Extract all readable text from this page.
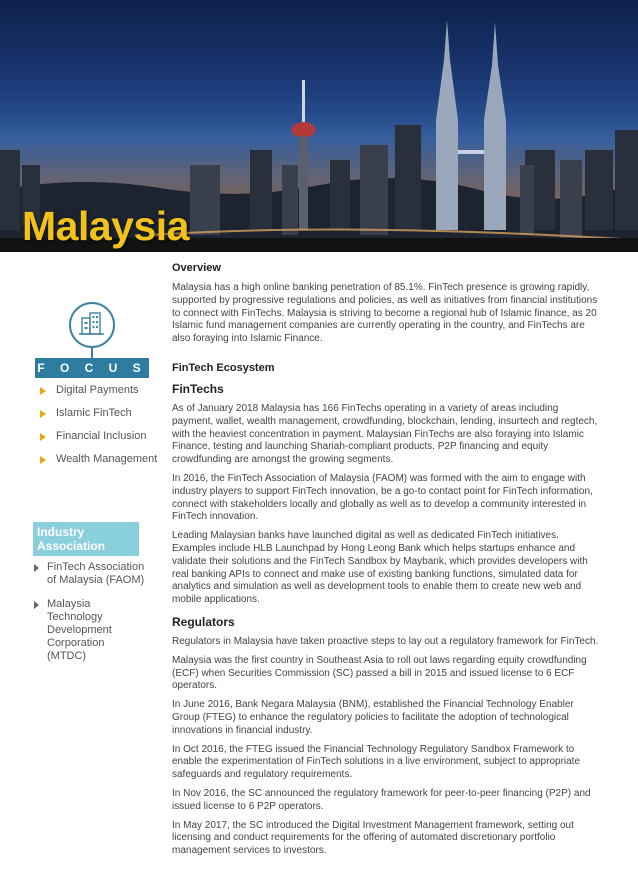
Malaysia
F O C U S
Digital Payments
Islamic FinTech
Financial Inclusion
Wealth Management
Industry Association
FinTech Association of Malaysia (FAOM)
Malaysia Technology Development Corporation (MTDC)
Overview

Malaysia has a high online banking penetration of 85.1%. FinTech presence is growing rapidly, supported by progressive regulations and policies, as well as initiatives from financial institutions to connect with FinTechs. Malaysia is striving to become a regional hub of Islamic finance, as 20 Islamic fund management companies are currently operating in the country, and FinTechs are also foraying into Islamic Finance.

FinTech Ecosystem
FinTechs

As of January 2018 Malaysia has 166 FinTechs operating in a variety of areas including payment, wallet, wealth management, crowdfunding, blockchain, lending, insurtech and regtech, with the heaviest concentration in payment. Malaysian FinTechs are also foraying into Islamic Finance, testing and launching Shariah-compliant products. P2P financing and equity crowdfunding are amongst the growing segments.

In 2016, the FinTech Association of Malaysia (FAOM) was formed with the aim to engage with industry players to support FinTech innovation, be a go-to contact point for FinTech information, connect with stakeholders locally and globally as well as to develop a community interested in FinTech innovation.

Leading Malaysian banks have launched digital as well as dedicated FinTech initiatives. Examples include HLB Launchpad by Hong Leong Bank which helps startups enhance and validate their solutions and the FinTech Sandbox by Maybank, which provides developers with real banking APIs to connect and make use of existing banking functions, simulated data for analytics and simulation as well as development tools to enable them to create new web and mobile applications.

Regulators

Regulators in Malaysia have taken proactive steps to lay out a regulatory framework for FinTech.

Malaysia was the first country in Southeast Asia to roll out laws regarding equity crowdfunding (ECF) when Securities Commission (SC) passed a bill in 2015 and issued license to 6 ECF operators.

In June 2016, Bank Negara Malaysia (BNM), established the Financial Technology Enabler Group (FTEG) to enhance the regulatory policies to facilitate the adoption of technological innovations in financial industry.

In Oct 2016, the FTEG issued the Financial Technology Regulatory Sandbox Framework to enable the experimentation of FinTech solutions in a live environment, subject to appropriate safeguards and regulatory requirements.

In Nov 2016, the SC announced the regulatory framework for peer-to-peer financing (P2P) and issued license to 6 P2P operators.

In May 2017, the SC introduced the Digital Investment Management framework, setting out licensing and conduct requirements for the offering of automated discretionary portfolio management services to investors.
